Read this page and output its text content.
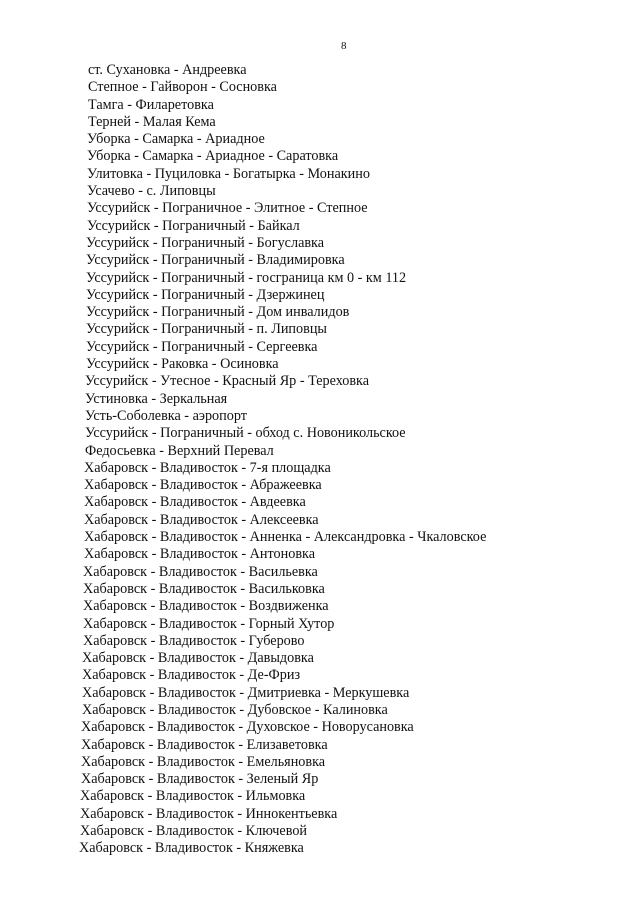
8
ст. Сухановка - Андреевка
Степное - Гайворон - Сосновка
Тамга - Филаретовка
Терней - Малая Кема
Уборка - Самарка - Ариадное
Уборка - Самарка - Ариадное - Саратовка
Улитовка - Пуциловка - Богатырка - Монакино
Усачево - с. Липовцы
Уссурийск - Пограничное - Элитное - Степное
Уссурийск - Пограничный - Байкал
Уссурийск - Пограничный - Богуславка
Уссурийск - Пограничный - Владимировка
Уссурийск - Пограничный - госграница км 0 - км 112
Уссурийск - Пограничный - Дзержинец
Уссурийск - Пограничный - Дом инвалидов
Уссурийск - Пограничный - п. Липовцы
Уссурийск - Пограничный - Сергеевка
Уссурийск - Раковка - Осиновка
Уссурийск - Утесное - Красный Яр - Тереховка
Устиновка - Зеркальная
Усть-Соболевка - аэропорт
Уссурийск - Пограничный - обход с. Новоникольское
Федосьевка - Верхний Перевал
Хабаровск - Владивосток - 7-я площадка
Хабаровск - Владивосток - Абражеевка
Хабаровск - Владивосток - Авдеевка
Хабаровск - Владивосток - Алексеевка
Хабаровск - Владивосток - Анненка - Александровка - Чкаловское
Хабаровск - Владивосток - Антоновка
Хабаровск - Владивосток - Васильевка
Хабаровск - Владивосток - Васильковка
Хабаровск - Владивосток - Воздвиженка
Хабаровск - Владивосток - Горный Хутор
Хабаровск - Владивосток - Губерово
Хабаровск - Владивосток - Давыдовка
Хабаровск - Владивосток - Де-Фриз
Хабаровск - Владивосток - Дмитриевка - Меркушевка
Хабаровск - Владивосток - Дубовское - Калиновка
Хабаровск - Владивосток - Духовское - Новорусановка
Хабаровск - Владивосток - Елизаветовка
Хабаровск - Владивосток - Емельяновка
Хабаровск - Владивосток - Зеленый Яр
Хабаровск - Владивосток - Ильмовка
Хабаровск - Владивосток - Иннокентьевка
Хабаровск - Владивосток - Ключевой
Хабаровск - Владивосток - Княжевка
